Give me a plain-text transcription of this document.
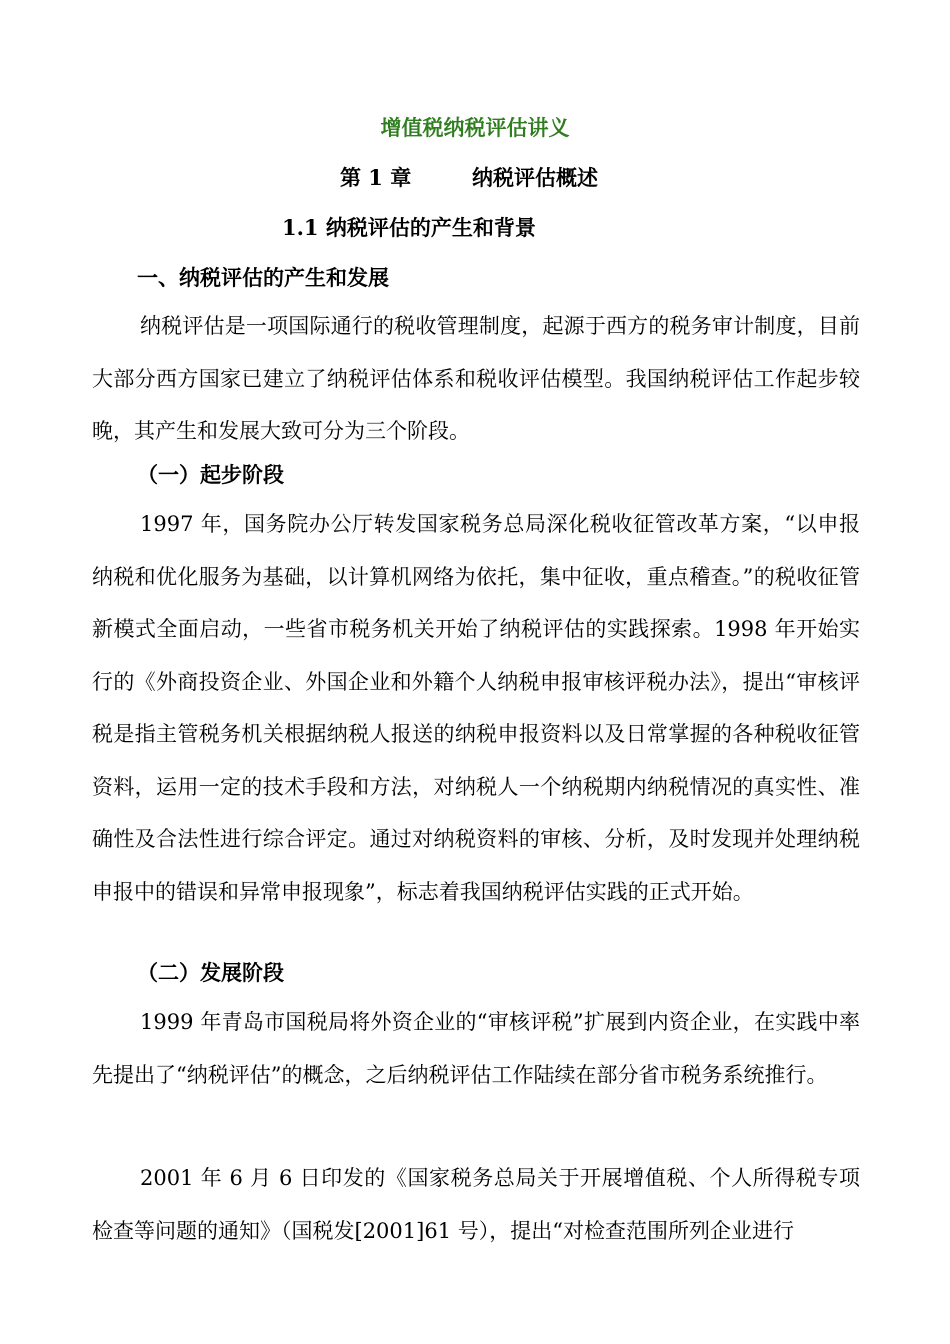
增值税纳税评估讲义
第 1 章	纳税评估概述
1.1 纳税评估的产生和背景
一、纳税评估的产生和发展

纳税评估是一项国际通行的税收管理制度，起源于西方的税务审计制度，目前大部分西方国家已建立了纳税评估体系和税收评估模型。我国纳税评估工作起步较晚，其产生和发展大致可分为三个阶段。

（一）起步阶段

1997 年，国务院办公厅转发国家税务总局深化税收征管改革方案，“以申报纳税和优化服务为基础，以计算机网络为依托，集中征收，重点稽查。”的税收征管新模式全面启动，一些省市税务机关开始了纳税评估的实践探索。1998 年开始实行的《外商投资企业、外国企业和外籍个人纳税申报审核评税办法》，提出“审核评税是指主管税务机关根据纳税人报送的纳税申报资料以及日常掌握的各种税收征管资料，运用一定的技术手段和方法，对纳税人一个纳税期内纳税情况的真实性、准确性及合法性进行综合评定。通过对纳税资料的审核、分析，及时发现并处理纳税申报中的错误和异常申报现象”，标志着我国纳税评估实践的正式开始。

（二）发展阶段

1999 年青岛市国税局将外资企业的“审核评税”扩展到内资企业，在实践中率先提出了“纳税评估”的概念，之后纳税评估工作陆续在部分省市税务系统推行。

2001 年 6 月 6 日印发的《国家税务总局关于开展增值税、个人所得税专项检查等问题的通知》（国税发[2001]61 号），提出“对检查范围所列企业进行
